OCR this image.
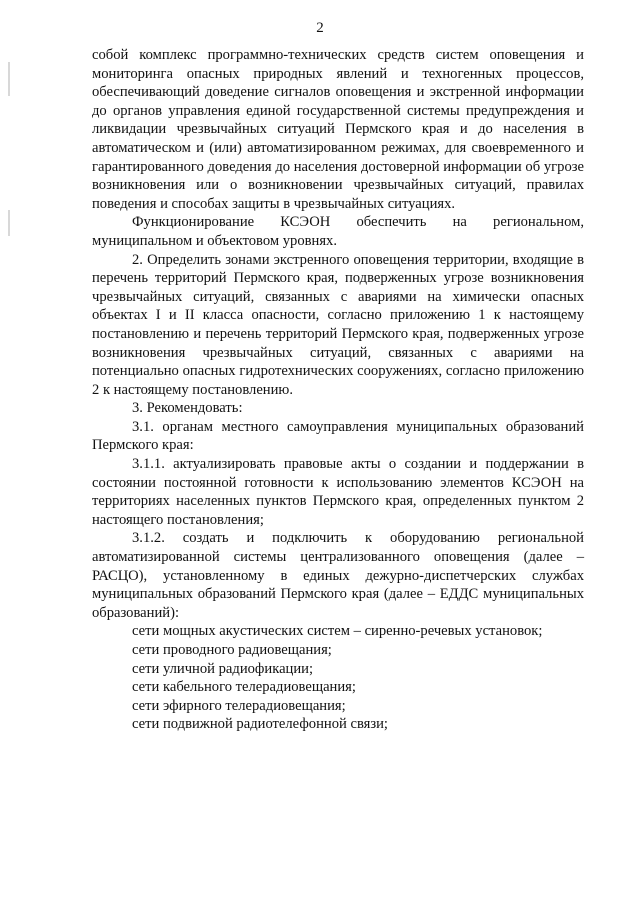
2

собой комплекс программно-технических средств систем оповещения и мониторинга опасных природных явлений и техногенных процессов, обеспечивающий доведение сигналов оповещения и экстренной информации до органов управления единой государственной системы предупреждения и ликвидации чрезвычайных ситуаций Пермского края и до населения в автоматическом и (или) автоматизированном режимах, для своевременного и гарантированного доведения до населения достоверной информации об угрозе возникновения или о возникновении чрезвычайных ситуаций, правилах поведения и способах защиты в чрезвычайных ситуациях.

Функционирование КСЭОН обеспечить на региональном, муниципальном и объектовом уровнях.

2. Определить зонами экстренного оповещения территории, входящие в перечень территорий Пермского края, подверженных угрозе возникновения чрезвычайных ситуаций, связанных с авариями на химически опасных объектах I и II класса опасности, согласно приложению 1 к настоящему постановлению и перечень территорий Пермского края, подверженных угрозе возникновения чрезвычайных ситуаций, связанных с авариями на потенциально опасных гидротехнических сооружениях, согласно приложению 2 к настоящему постановлению.

3. Рекомендовать:

3.1. органам местного самоуправления муниципальных образований Пермского края:

3.1.1. актуализировать правовые акты о создании и поддержании в состоянии постоянной готовности к использованию элементов КСЭОН на территориях населенных пунктов Пермского края, определенных пунктом 2 настоящего постановления;

3.1.2. создать и подключить к оборудованию региональной автоматизированной системы централизованного оповещения (далее – РАСЦО), установленному в единых дежурно-диспетчерских службах муниципальных образований Пермского края (далее – ЕДДС муниципальных образований):

сети мощных акустических систем – сиренно-речевых установок;

сети проводного радиовещания;

сети уличной радиофикации;

сети кабельного телерадиовещания;

сети эфирного телерадиовещания;

сети подвижной радиотелефонной связи;
